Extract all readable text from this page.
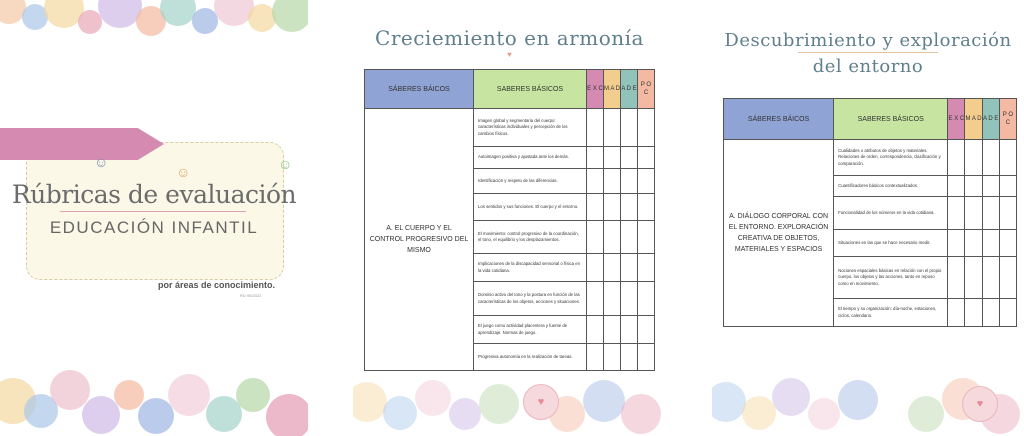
☺
☺	☺
Rúbricas de evaluación
EDUCACIÓN INFANTIL
por áreas de conocimiento.
RD 95/2022
Creciemiento en armonía
♥
SÁBERES BÁICOS	SABERES BÁSICOS	E X C	M A D	A D E	P O C
A. EL CUERPO Y EL CONTROL PROGRESIVO DEL MISMO	Imagen global y segmentaria del cuerpo: características individuales y percepción de los cambios físicos.				
	Autoimagen positiva y ajustada ante los demás.				
	Identificación y respeto de las diferencias.				
	Los sentidos y sus funciones. El cuerpo y el entorno.				
	El movimiento: control progresivo de la coordinación, el tono, el equilibrio y los desplazamientos.				
	Implicaciones de la discapacidad sensorial o física en la vida cotidiana.				
	Dominio activo del tono y la postura en función de las características de los objetos, acciones y situaciones.				
	El juego como actividad placentera y fuente de aprendizaje. Normas de juego.				
	Progresiva autonomía en la realización de tareas.				
♥
Descubrimiento y exploración
del entorno
SÁBERES BÁICOS	SABERES BÁSICOS	E X C	M A D	A D E	P O C
A. DIÁLOGO CORPORAL CON EL ENTORNO. EXPLORACIÓN CREATIVA DE OBJETOS, MATERIALES Y ESPACIOS	Cualidades o atributos de objetos y materiales. Relaciones de orden, correspondencia, clasificación y comparación.				
	Cuantificadores básicos contextualizados.				
	Funcionalidad de los números en la vida cotidiana.				
	Situaciones en las que se hace necesario medir.				
	Nociones espaciales básicas en relación con el propio cuerpo, los objetos y las acciones, tanto en reposo como en movimiento.				
	El tiempo y su organización: día-noche, estaciones, ciclos, calendario.				
♥
